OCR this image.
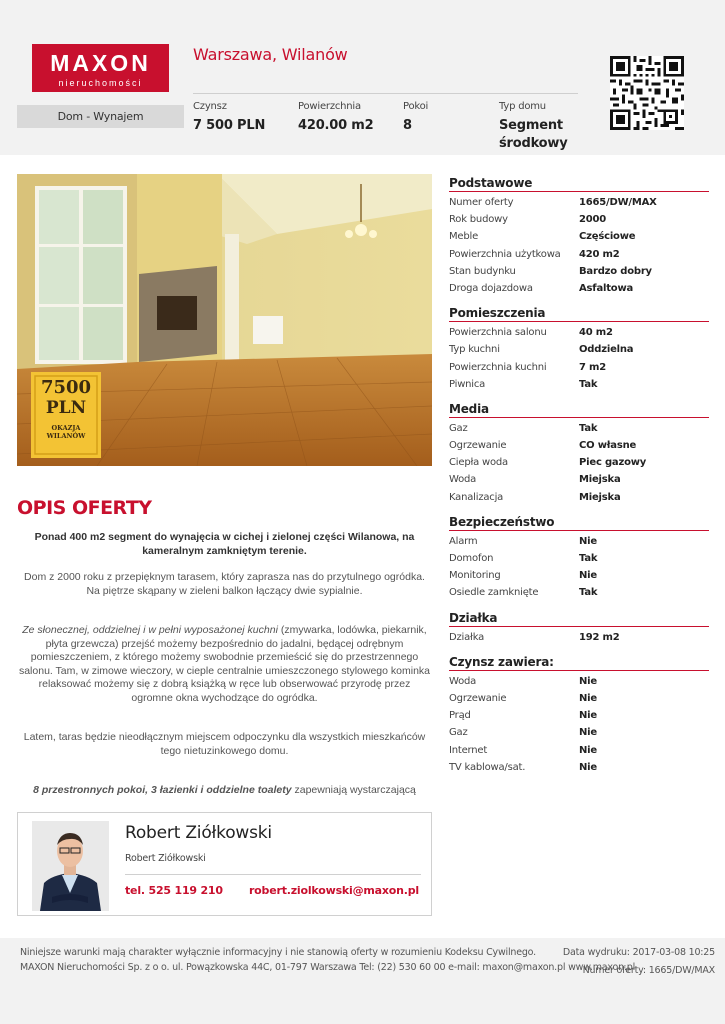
MAXON
nieruchomości
Warszawa, Wilanów
Dom - Wynajem
Czynsz
7 500 PLN
Powierzchnia
420.00 m2
Pokoi
8
Typ domu
Segment
środkowy
7500
PLN
OKAZJA
WILANÓW
Podstawowe
Numer oferty	1665/DW/MAX
Rok budowy	2000
Meble	Częściowe
Powierzchnia użytkowa 420 m2
Stan budynku	Bardzo dobry
Droga dojazdowa	Asfaltowa
Pomieszczenia
Powierzchnia salonu	40 m2
Typ kuchni	Oddzielna
Powierzchnia kuchni	7 m2
Piwnica	Tak
Media
Gaz	Tak
Ogrzewanie	CO własne
Ciepła woda	Piec gazowy
Woda	Miejska
Kanalizacja	Miejska
Bezpieczeństwo
Alarm	Nie
Domofon	Tak
Monitoring	Nie
Osiedle zamknięte	Tak
Działka
Działka	192 m2
Czynsz zawiera:
Woda	Nie
Ogrzewanie	Nie
Prąd	Nie
Gaz	Nie
Internet	Nie
TV kablowa/sat.	Nie
OPIS OFERTY

Ponad 400 m2 segment do wynajęcia w cichej i zielonej części Wilanowa, na kameralnym zamkniętym terenie.

Dom z 2000 roku z przepięknym tarasem, który zaprasza nas do przytulnego ogródka. Na piętrze skąpany w zieleni balkon łączący dwie sypialnie.

Ze słonecznej, oddzielnej i w pełni wyposażonej kuchni (zmywarka, lodówka, piekarnik, płyta grzewcza) przejść możemy bezpośrednio do jadalni, będącej odrębnym pomieszczeniem, z którego możemy swobodnie przemieścić się do przestrzennego salonu. Tam, w zimowe wieczory, w cieple centralnie umieszczonego stylowego kominka relaksować możemy się z dobrą książką w ręce lub obserwować przyrodę przez ogromne okna wychodzące do ogródka.

Latem, taras będzie nieodłącznym miejscem odpoczynku dla wszystkich mieszkańców tego nietuzinkowego domu.

8 przestronnych pokoi, 3 łazienki i oddzielne toalety zapewniają wystarczającą

Robert Ziółkowski
Robert Ziółkowski
tel. 525 119 210 robert.ziolkowski@maxon.pl
Niniejsze warunki mają charakter wyłącznie informacyjny i nie stanowią oferty w rozumieniu Kodeksu Cywilnego.
MAXON Nieruchomości Sp. z o o. ul. Powązkowska 44C, 01-797 Warszawa Tel: (22) 530 60 00 e-mail: maxon@maxon.pl www.maxon.pl
Data wydruku: 2017-03-08 10:25
Numer oferty: 1665/DW/MAX
